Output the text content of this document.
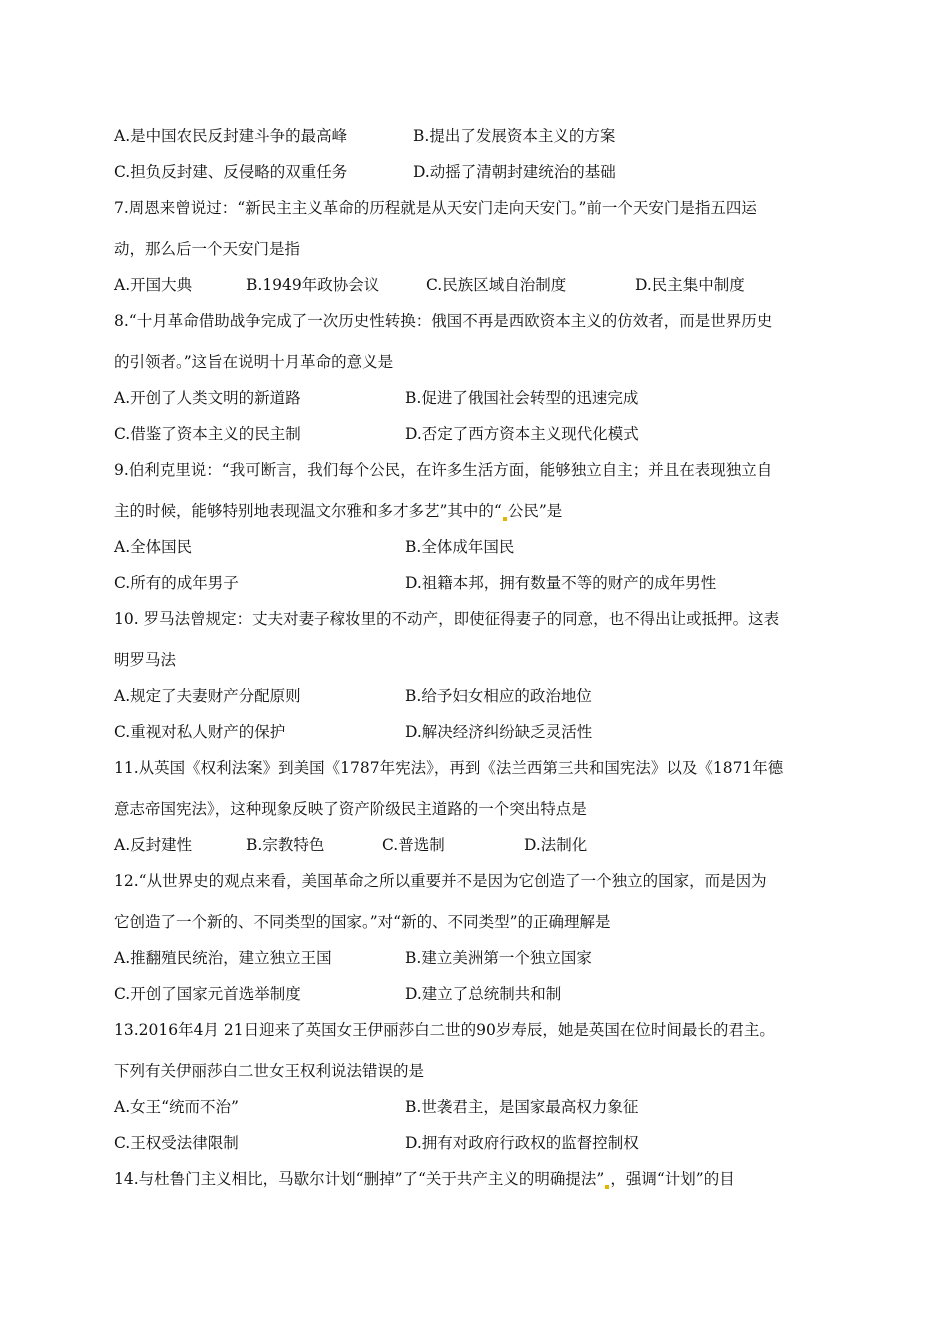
A.是中国农民反封建斗争的最高峰	B.提出了发展资本主义的方案
C.担负反封建、反侵略的双重任务	D.动摇了清朝封建统治的基础
7.周恩来曾说过：“新民主主义革命的历程就是从天安门走向天安门。”前一个天安门是指五四运
动，那么后一个天安门是指
A.开国大典	B.1949年政协会议	C.民族区域自治制度	D.民主集中制度
8.“十月革命借助战争完成了一次历史性转换：俄国不再是西欧资本主义的仿效者，而是世界历史
的引领者。”这旨在说明十月革命的意义是
A.开创了人类文明的新道路	B.促进了俄国社会转型的迅速完成
C.借鉴了资本主义的民主制	D.否定了西方资本主义现代化模式
9.伯利克里说：“我可断言，我们每个公民，在许多生活方面，能够独立自主；并且在表现独立自
主的时候，能够特别地表现温文尔雅和多才多艺”其中的“ 公民”是
A.全体国民	B.全体成年国民
C.所有的成年男子	D.祖籍本邦，拥有数量不等的财产的成年男性
10. 罗马法曾规定：丈夫对妻子稼妆里的不动产，即使征得妻子的同意，也不得出让或抵押。这表
明罗马法
A.规定了夫妻财产分配原则	B.给予妇女相应的政治地位
C.重视对私人财产的保护	D.解决经济纠纷缺乏灵活性
11.从英国《权利法案》到美国《1787年宪法》，再到《法兰西第三共和国宪法》以及《1871年德
意志帝国宪法》，这种现象反映了资产阶级民主道路的一个突出特点是
A.反封建性	B.宗教特色	C.普选制	D.法制化
12.“从世界史的观点来看，美国革命之所以重要并不是因为它创造了一个独立的国家，而是因为
它创造了一个新的、不同类型的国家。”对“新的、不同类型”的正确理解是
A.推翻殖民统治，建立独立王国	B.建立美洲第一个独立国家
C.开创了国家元首选举制度	D.建立了总统制共和制
13.2016年4月 21日迎来了英国女王伊丽莎白二世的90岁寿辰，她是英国在位时间最长的君主。
下列有关伊丽莎白二世女王权利说法错误的是
A.女王“统而不治”	B.世袭君主，是国家最高权力象征
C.王权受法律限制	D.拥有对政府行政权的监督控制权
14.与杜鲁门主义相比，马歇尔计划“删掉”了“关于共产主义的明确提法” ，强调“计划”的目
